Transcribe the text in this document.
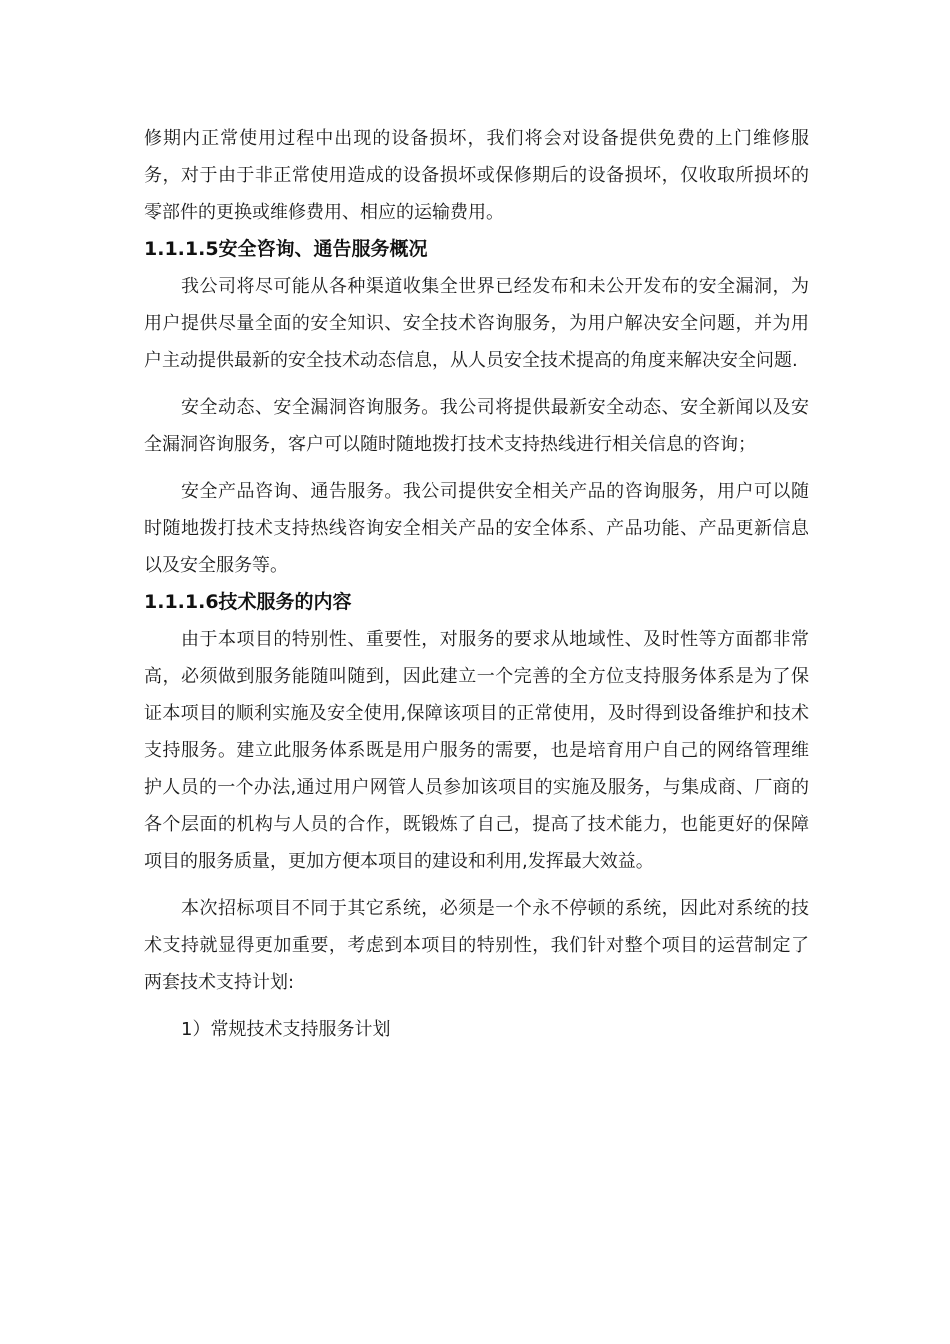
修期内正常使用过程中出现的设备损坏，我们将会对设备提供免费的上门维修服务，对于由于非正常使用造成的设备损坏或保修期后的设备损坏，仅收取所损坏的零部件的更换或维修费用、相应的运输费用。

1.1.1.5安全咨询、通告服务概况

我公司将尽可能从各种渠道收集全世界已经发布和未公开发布的安全漏洞，为用户提供尽量全面的安全知识、安全技术咨询服务，为用户解决安全问题，并为用户主动提供最新的安全技术动态信息，从人员安全技术提高的角度来解决安全问题.

安全动态、安全漏洞咨询服务。我公司将提供最新安全动态、安全新闻以及安全漏洞咨询服务，客户可以随时随地拨打技术支持热线进行相关信息的咨询；

安全产品咨询、通告服务。我公司提供安全相关产品的咨询服务，用户可以随时随地拨打技术支持热线咨询安全相关产品的安全体系、产品功能、产品更新信息以及安全服务等。

1.1.1.6技术服务的内容

由于本项目的特别性、重要性，对服务的要求从地域性、及时性等方面都非常高，必须做到服务能随叫随到，因此建立一个完善的全方位支持服务体系是为了保证本项目的顺利实施及安全使用,保障该项目的正常使用，及时得到设备维护和技术支持服务。建立此服务体系既是用户服务的需要，也是培育用户自己的网络管理维护人员的一个办法,通过用户网管人员参加该项目的实施及服务，与集成商、厂商的各个层面的机构与人员的合作，既锻炼了自己，提高了技术能力，也能更好的保障项目的服务质量，更加方便本项目的建设和利用,发挥最大效益。

本次招标项目不同于其它系统，必须是一个永不停顿的系统，因此对系统的技术支持就显得更加重要，考虑到本项目的特别性，我们针对整个项目的运营制定了两套技术支持计划:

1）常规技术支持服务计划
